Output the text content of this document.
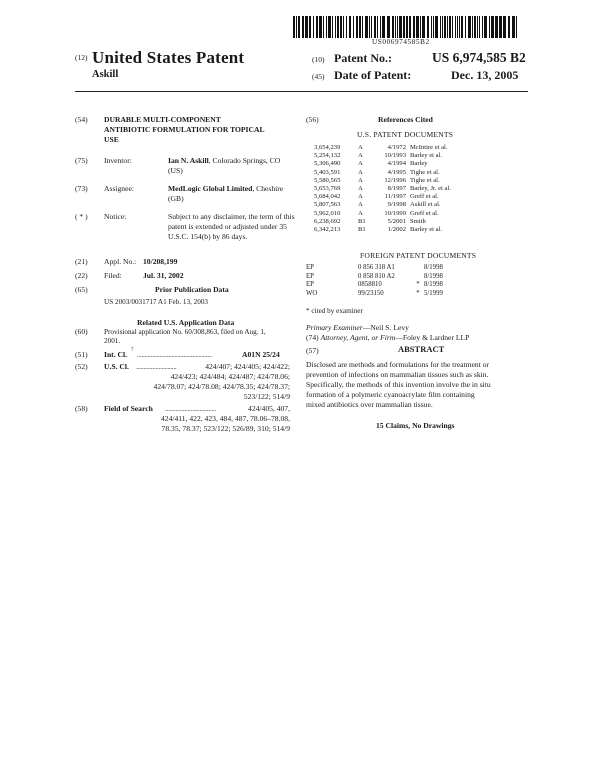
US006974585B2
(12) United States Patent
Askill
(10) Patent No.:	US 6,974,585 B2
(45) Date of Patent:	Dec. 13, 2005
(54) DURABLE MULTI-COMPONENT
ANTIBIOTIC FORMULATION FOR TOPICAL
USE
(75) Inventor:	Ian N. Askill, Colorado Springs, CO
(US)
(73) Assignee:	MedLogic Global Limited, Cheshire
(GB)
( * ) Notice:	Subject to any disclaimer, the term of this
patent is extended or adjusted under 35
U.S.C. 154(b) by 86 days.
(21) Appl. No.: 10/208,199
(22) Filed:	Jul. 31, 2002
(65)	Prior Publication Data
US 2003/0031717 A1 Feb. 13, 2003
Related U.S. Application Data
(60) Provisional application No. 60/308,863, filed on Aug. 1,
2001.
(51) Int. Cl. 7
..................................................	A01N 25/24
(52) U.S. Cl. ...........................	424/407; 424/405; 424/422;
424/423; 424/484; 424/487; 424/78.06;
424/78.07; 424/78.08; 424/78.35; 424/78.37;
523/122; 514/9
(58) Field of Search ..................................	424/405, 407,
424/411, 422, 423, 484, 487, 78.06–78.08,
78.35, 78.37; 523/122; 526/89, 310; 514/9
(56)	References Cited
U.S. PATENT DOCUMENTS
3,654,239	A	4/1972	McIntire et al.
5,254,132	A	10/1993	Barley et al.
5,306,490	A	4/1994	Barley
5,403,591	A	4/1995	Tighe et al.
5,580,565	A	12/1996	Tighe et al.
5,653,769	A	8/1997	Barley, Jr. et al.
5,684,042	A	11/1997	Greff et al.
5,807,563	A	9/1998	Askill et al.
5,962,010	A	10/1999	Greff et al.
6,238,692	B1	5/2001	Smith
6,342,213	B1	1/2002	Barley et al.
FOREIGN PATENT DOCUMENTS
EP	0 856 318 A1		8/1998
EP	0 858 810 A2		8/1998
EP	0858810	*	8/1998
WO	99/23150	*	5/1999
* cited by examiner
Primary Examiner—Neil S. Levy
(74) Attorney, Agent, or Firm—Foley & Lardner LLP
(57)	ABSTRACT
Disclosed are methods and formulations for the treatment or
prevention of infections on mammalian tissues such as skin.
Specifically, the methods of this invention involve the in situ
formation of a polymeric cyanoacrylate film containing
mixed antibiotics over mammalian tissue.
15 Claims, No Drawings
